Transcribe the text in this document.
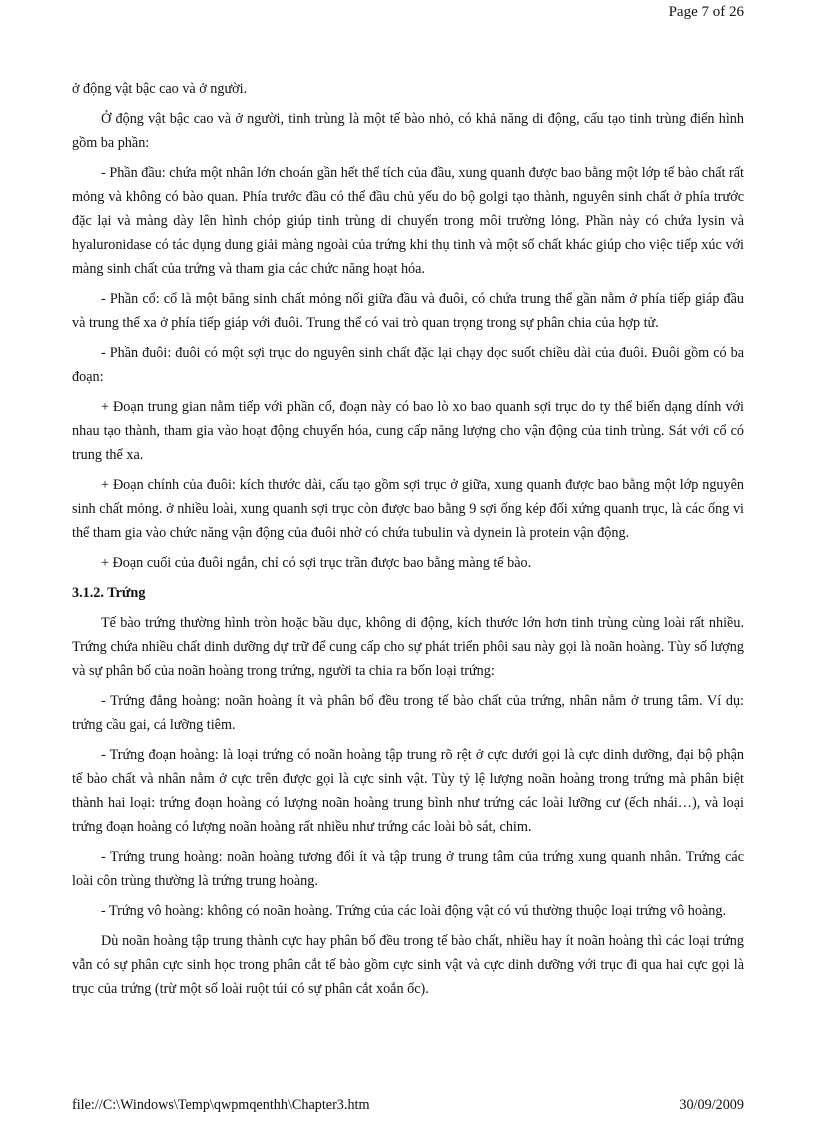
Page 7 of 26

ở động vật bậc cao và ở người.

Ở động vật bậc cao và ở người, tinh trùng là một tế bào nhỏ, có khả năng di động, cấu tạo tinh trùng điển hình gồm ba phần:

- Phần đầu: chứa một nhân lớn choán gần hết thể tích của đầu, xung quanh được bao bằng một lớp tế bào chất rất mỏng và không có bào quan. Phía trước đầu có thể đầu chủ yếu do bộ golgi tạo thành, nguyên sinh chất ở phía trước đặc lại và màng dày lên hình chóp giúp tinh trùng di chuyển trong môi trường lỏng. Phần này có chứa lysin và hyaluronidase có tác dụng dung giải màng ngoài của trứng khi thụ tinh và một số chất khác giúp cho việc tiếp xúc với màng sinh chất của trứng và tham gia các chức năng hoạt hóa.

- Phần cổ: cổ là một băng sinh chất mỏng nối giữa đầu và đuôi, có chứa trung thể gần nằm ở phía tiếp giáp đầu và trung thể xa ở phía tiếp giáp với đuôi. Trung thể có vai trò quan trọng trong sự phân chia của hợp tử.

- Phần đuôi: đuôi có một sợi trục do nguyên sinh chất đặc lại chạy dọc suốt chiều dài của đuôi. Đuôi gồm có ba đoạn:

+ Đoạn trung gian nằm tiếp với phần cổ, đoạn này có bao lò xo bao quanh sợi trục do ty thể biến dạng dính với nhau tạo thành, tham gia vào hoạt động chuyển hóa, cung cấp năng lượng cho vận động của tinh trùng. Sát với cổ có trung thể xa.

+ Đoạn chính của đuôi: kích thước dài, cấu tạo gồm sợi trục ở giữa, xung quanh được bao bằng một lớp nguyên sinh chất mỏng. ở nhiều loài, xung quanh sợi trục còn được bao bằng 9 sợi ống kép đối xứng quanh trục, là các ống vi thể tham gia vào chức năng vận động của đuôi nhờ có chứa tubulin và dynein là protein vận động.

+ Đoạn cuối của đuôi ngắn, chỉ có sợi trục trần được bao bằng màng tế bào.

3.1.2. Trứng

Tế bào trứng thường hình tròn hoặc bầu dục, không di động, kích thước lớn hơn tinh trùng cùng loài rất nhiều. Trứng chứa nhiều chất dinh dưỡng dự trữ để cung cấp cho sự phát triển phôi sau này gọi là noãn hoàng. Tùy số lượng và sự phân bố của noãn hoàng trong trứng, người ta chia ra bốn loại trứng:

- Trứng đẳng hoàng: noãn hoàng ít và phân bố đều trong tế bào chất của trứng, nhân nằm ở trung tâm. Ví dụ: trứng cầu gai, cá lưỡng tiêm.

- Trứng đoạn hoàng: là loại trứng có noãn hoàng tập trung rõ rệt ở cực dưới gọi là cực dinh dưỡng, đại bộ phận tế bào chất và nhân nằm ở cực trên được gọi là cực sinh vật. Tùy tỷ lệ lượng noãn hoàng trong trứng mà phân biệt thành hai loại: trứng đoạn hoàng có lượng noãn hoàng trung bình như trứng các loài lưỡng cư (ếch nhái…), và loại trứng đoạn hoàng có lượng noãn hoàng rất nhiều như trứng các loài bò sát, chim.

- Trứng trung hoàng: noãn hoàng tương đối ít và tập trung ở trung tâm của trứng xung quanh nhân. Trứng các loài côn trùng thường là trứng trung hoàng.

- Trứng vô hoàng: không có noãn hoàng. Trứng của các loài động vật có vú thường thuộc loại trứng vô hoàng.

Dù noãn hoàng tập trung thành cực hay phân bố đều trong tế bào chất, nhiều hay ít noãn hoàng thì các loại trứng vẫn có sự phân cực sinh học trong phân cắt tế bào gồm cực sinh vật và cực dinh dưỡng với trục đi qua hai cực gọi là trục của trứng (trừ một số loài ruột túi có sự phân cắt xoắn ốc).

file://C:\Windows\Temp\qwpmqenthh\Chapter3.htm	30/09/2009
